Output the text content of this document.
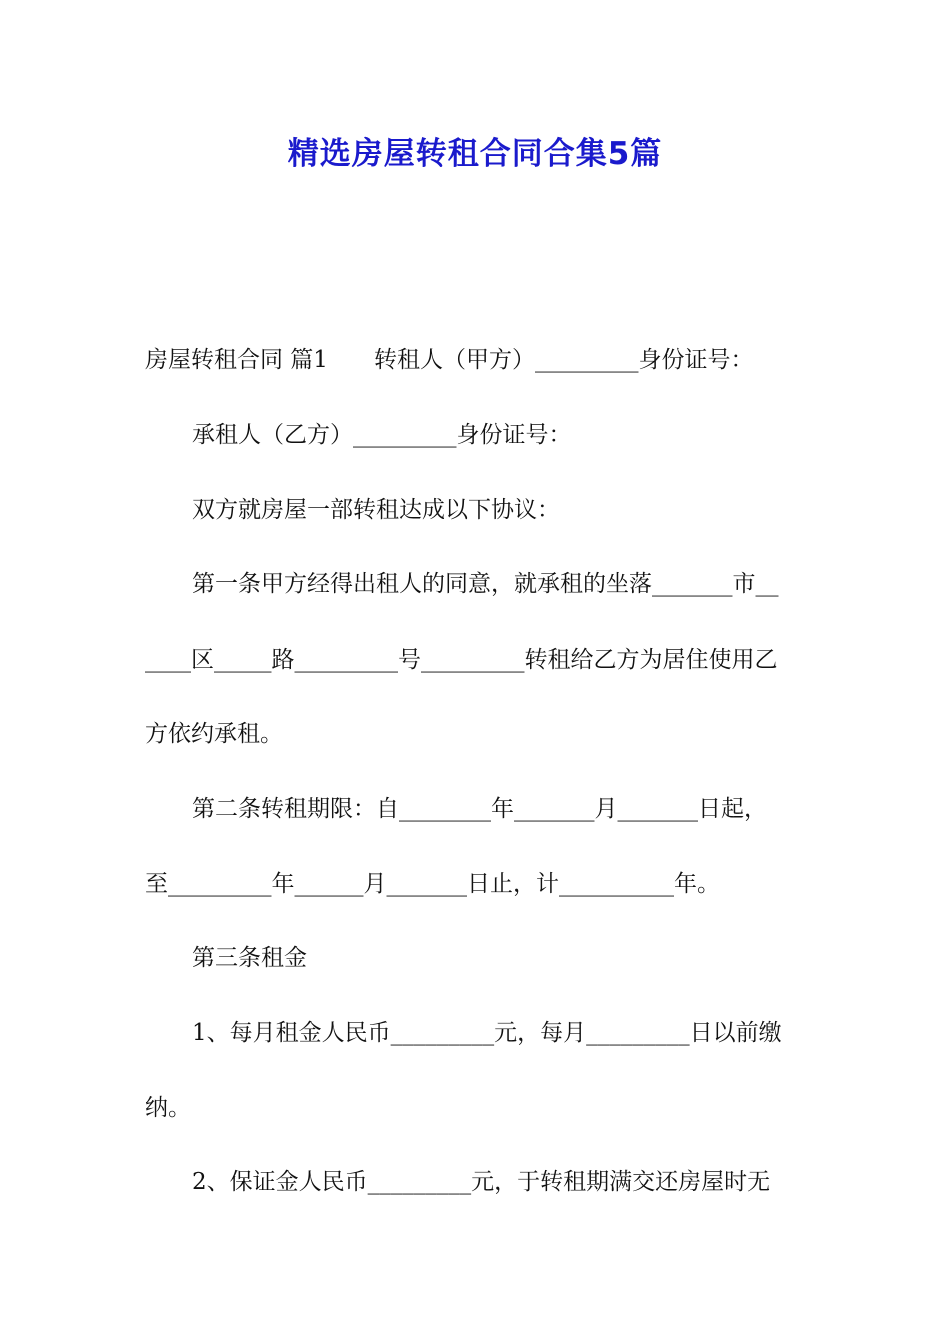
精选房屋转租合同合集5篇

房屋转租合同 篇1　　转租人（甲方）_________身份证号：

承租人（乙方）_________身份证号：

双方就房屋一部转租达成以下协议：

第一条甲方经得出租人的同意，就承租的坐落_______市__

____区_____路_________号_________转租给乙方为居住使用乙

方依约承租。

第二条转租期限：自________年_______月_______日起，

至_________年______月_______日止，计__________年。

第三条租金

1、每月租金人民币_________元，每月_________日以前缴

纳。

2、保证金人民币_________元，于转租期满交还房屋时无
